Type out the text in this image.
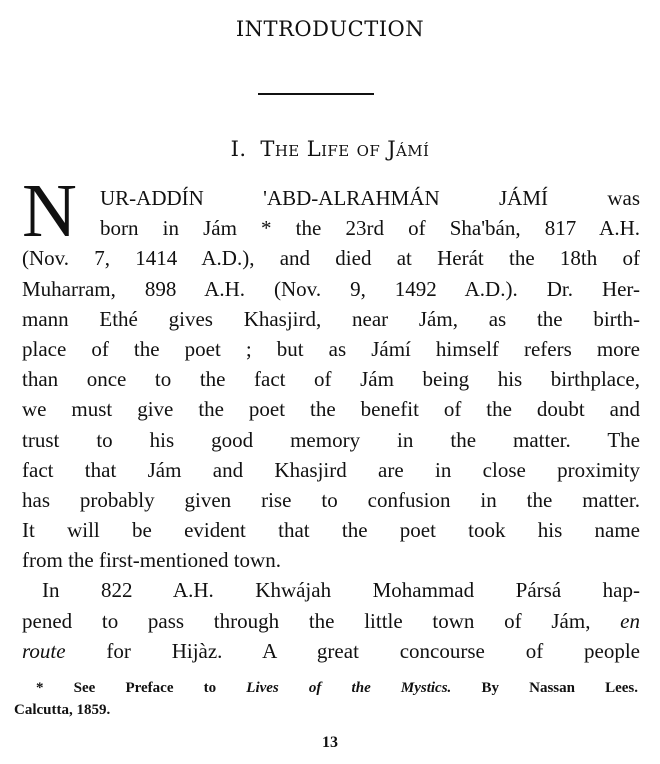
INTRODUCTION
I. The Life of Jámí
N	UR-ADDÍN 'ABD-ALRAHMÁN JÁMÍ was
born in Jám * the 23rd of Sha'bán, 817 A.H.
(Nov. 7, 1414 A.D.), and died at Herát the 18th of
Muharram, 898 A.H. (Nov. 9, 1492 A.D.). Dr. Her-
mann Ethé gives Khasjird, near Jám, as the birth-
place of the poet ; but as Jámí himself refers more
than once to the fact of Jám being his birthplace,
we must give the poet the benefit of the doubt and
trust to his good memory in the matter. The
fact that Jám and Khasjird are in close proximity
has probably given rise to confusion in the matter.
It will be evident that the poet took his name
from the first-mentioned town.
In 822 A.H. Khwájah Mohammad Pársá hap-
pened to pass through the little town of Jám, en
route for Hijàz. A great concourse of people
* See Preface to Lives of the Mystics. By Nassan Lees.
Calcutta, 1859.
13
